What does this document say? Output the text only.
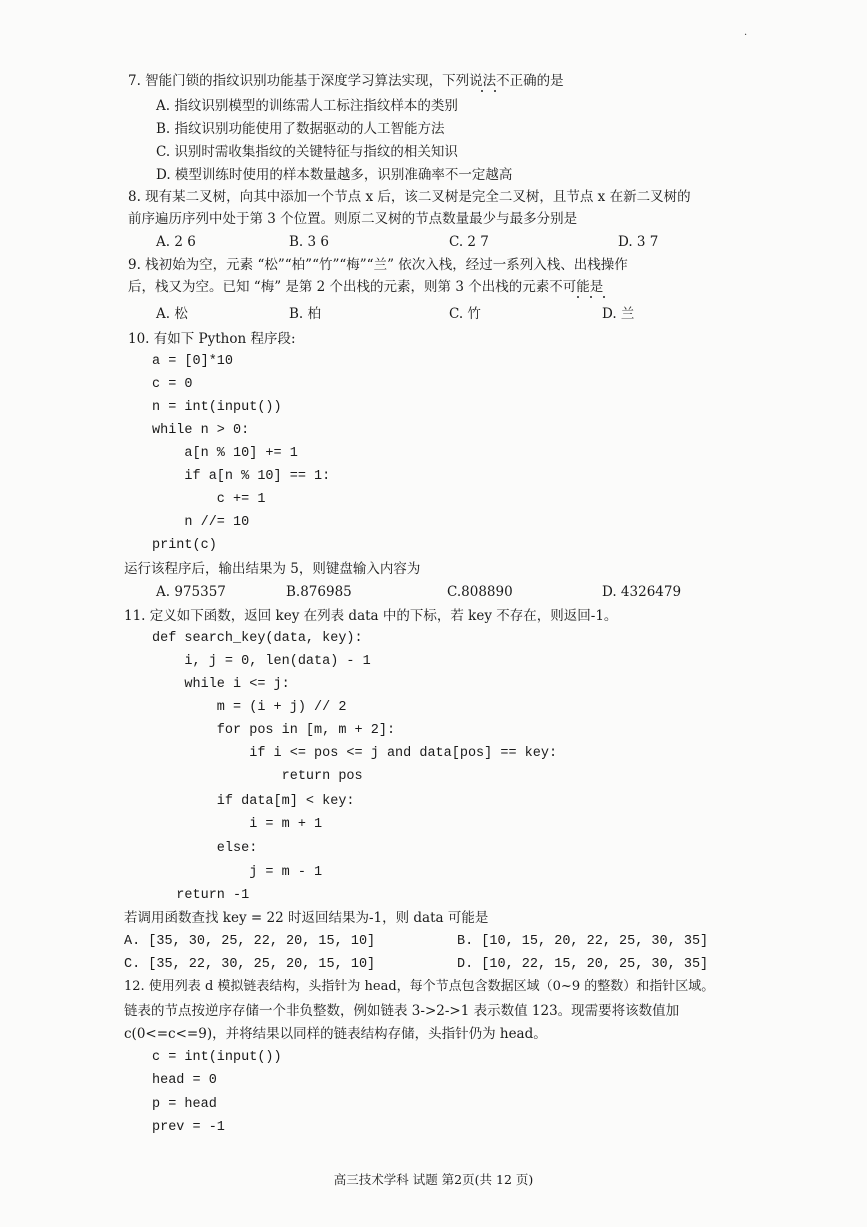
·
7. 智能门锁的指纹识别功能基于深度学习算法实现，下列说法不正确的是
A. 指纹识别模型的训练需人工标注指纹样本的类别
B. 指纹识别功能使用了数据驱动的人工智能方法
C. 识别时需收集指纹的关键特征与指纹的相关知识
D. 模型训练时使用的样本数量越多，识别准确率不一定越高
8. 现有某二叉树，向其中添加一个节点 x 后，该二叉树是完全二叉树，且节点 x 在新二叉树的
前序遍历序列中处于第 3 个位置。则原二叉树的节点数量最少与最多分别是
A. 2 6	B. 3 6	C. 2 7	D. 3 7
9. 栈初始为空，元素 “松”“柏”“竹”“梅”“兰” 依次入栈，经过一系列入栈、出栈操作
后，栈又为空。已知 “梅” 是第 2 个出栈的元素，则第 3 个出栈的元素不可能是
A. 松	B. 柏	C. 竹	D. 兰
10. 有如下 Python 程序段:
a = [0]*10
c = 0
n = int(input())
while n > 0:
a[n % 10] += 1
if a[n % 10] == 1:
c += 1
n //= 10
print(c)
运行该程序后，输出结果为 5，则键盘输入内容为
A. 975357	B.876985	C.808890	D. 4326479
11. 定义如下函数，返回 key 在列表 data 中的下标，若 key 不存在，则返回-1。
def search_key(data, key):
i, j = 0, len(data) - 1
while i <= j:
m = (i + j) // 2
for pos in [m, m + 2]:
if i <= pos <= j and data[pos] == key:
return pos
if data[m] < key:
i = m + 1
else:
j = m - 1
return -1
若调用函数查找 key = 22 时返回结果为-1，则 data 可能是
A. [35, 30, 25, 22, 20, 15, 10]	B. [10, 15, 20, 22, 25, 30, 35]
C. [35, 22, 30, 25, 20, 15, 10]	D. [10, 22, 15, 20, 25, 30, 35]
12. 使用列表 d 模拟链表结构，头指针为 head，每个节点包含数据区域（0~9 的整数）和指针区域。
链表的节点按逆序存储一个非负整数，例如链表 3->2->1 表示数值 123。现需要将该数值加
c(0<=c<=9)，并将结果以同样的链表结构存储，头指针仍为 head。
c = int(input())
head = 0
p = head
prev = -1
高三技术学科 试题 第2页(共 12 页)
